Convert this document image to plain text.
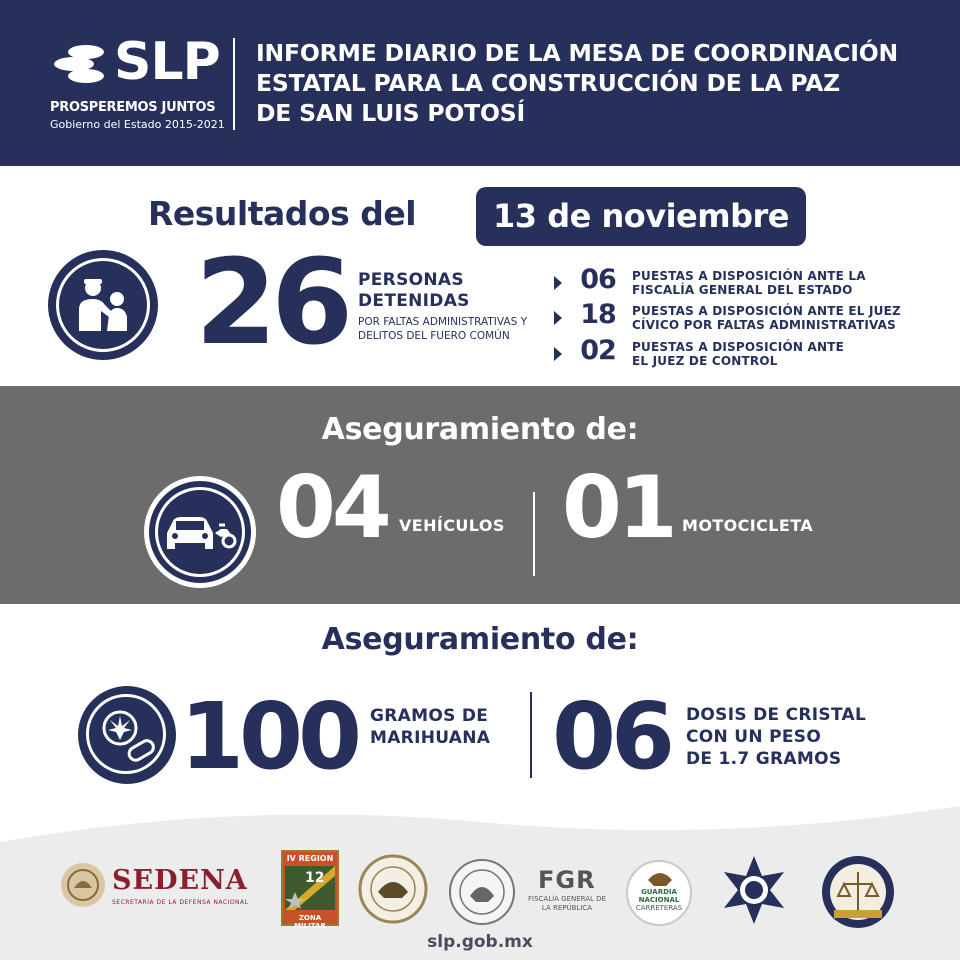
SLP
PROSPEREMOS JUNTOS
Gobierno del Estado 2015-2021
INFORME DIARIO DE LA MESA DE COORDINACIÓN
ESTATAL PARA LA CONSTRUCCIÓN DE LA PAZ
DE SAN LUIS POTOSÍ
Resultados del	13 de noviembre
26 PERSONAS
DETENIDAS
POR FALTAS ADMINISTRATIVAS Y
DELITOS DEL FUERO COMÚN
06	PUESTAS A DISPOSICIÓN ANTE LA
FISCALÍA GENERAL DEL ESTADO
18	PUESTAS A DISPOSICIÓN ANTE EL JUEZ
CÍVICO POR FALTAS ADMINISTRATIVAS
02	PUESTAS A DISPOSICIÓN ANTE
EL JUEZ DE CONTROL
Aseguramiento de:
04 VEHÍCULOS 01 MOTOCICLETA
Aseguramiento de:
100 GRAMOS DE
MARIHUANA 06 DOSIS DE CRISTAL
CON UN PESO
DE 1.7 GRAMOS
SEDENA
SECRETARÍA DE LA DEFENSA NACIONAL
IV REGION
12
ZONA MILITAR
FGR
FISCALÍA GENERAL DE LA REPÚBLICA
GUARDIA
NACIONAL
CARRETERAS
slp.gob.mx
